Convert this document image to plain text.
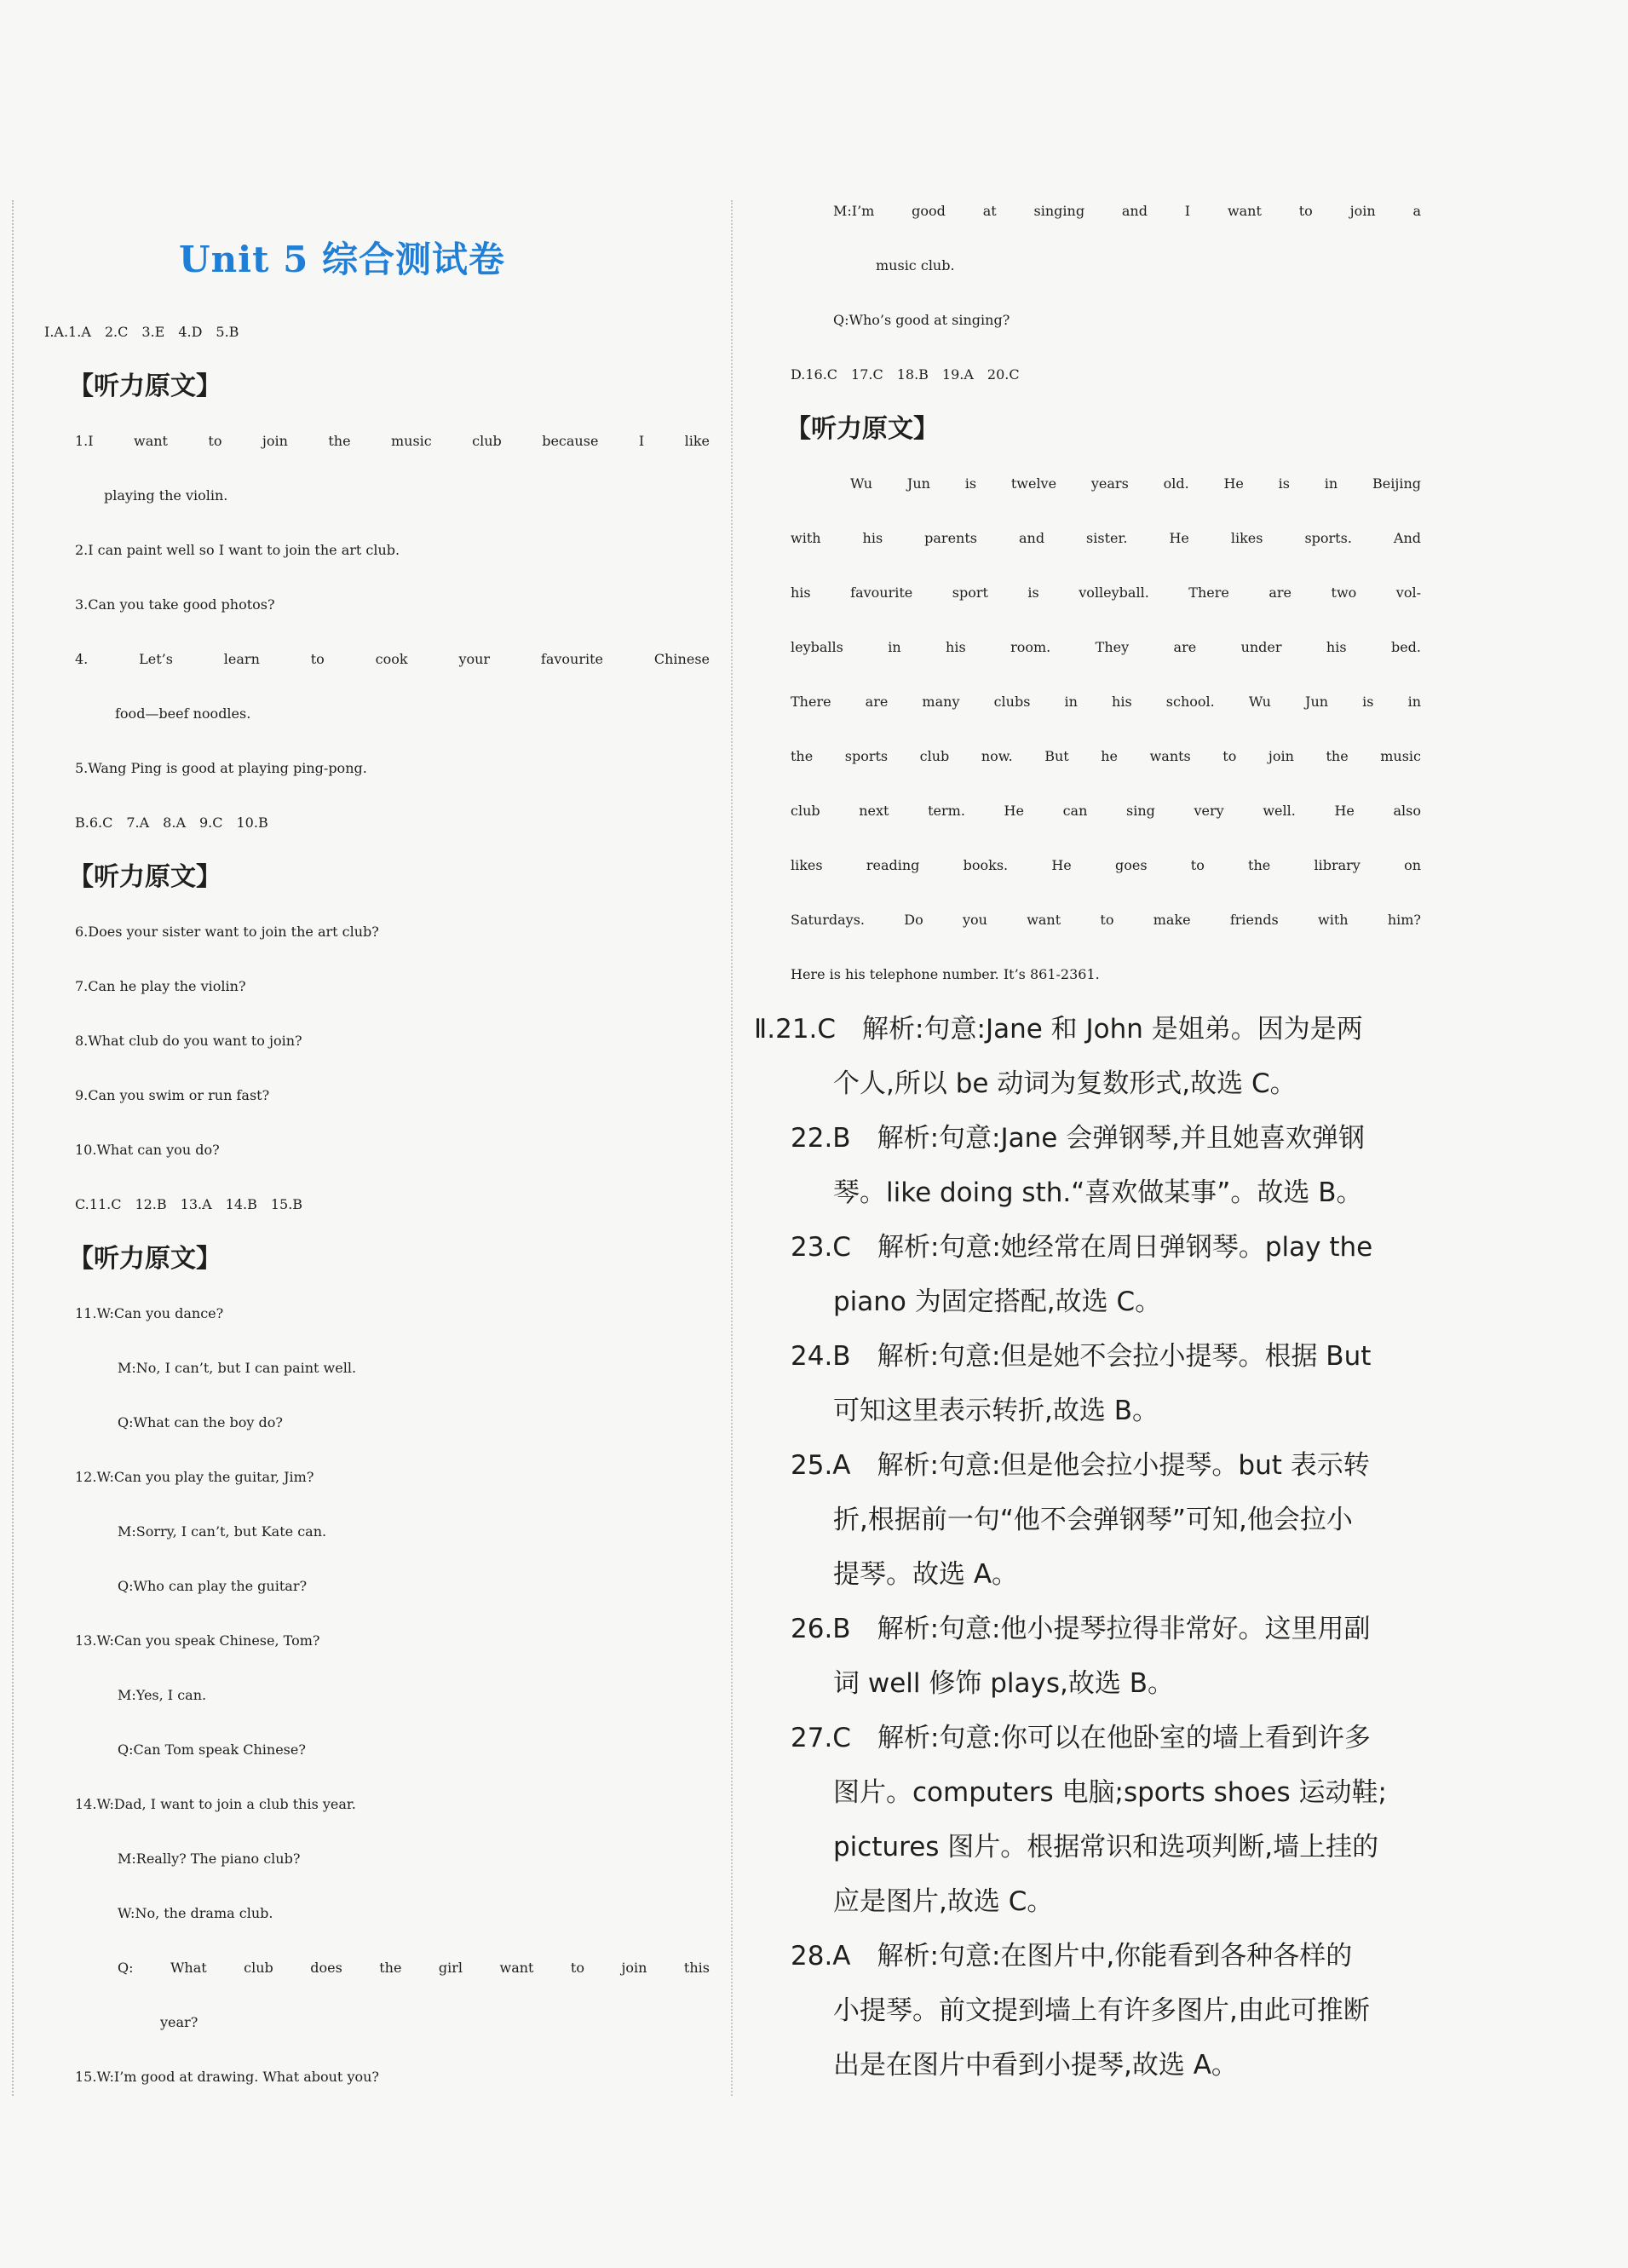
Unit 5 综合测试卷
Ⅰ.A.1.A　2.C　3.E　4.D　5.B
【听力原文】
1.I want to join the music club because I like
playing the violin.
2.I can paint well so I want to join the art club.
3.Can you take good photos?
4. Let’s learn to cook your favourite Chinese
food—beef noodles.
5.Wang Ping is good at playing ping-pong.
B.6.C　7.A　8.A　9.C　10.B
【听力原文】
6.Does your sister want to join the art club?
7.Can he play the violin?
8.What club do you want to join?
9.Can you swim or run fast?
10.What can you do?
C.11.C　12.B　13.A　14.B　15.B
【听力原文】
11.W:Can you dance?
M:No, I can’t, but I can paint well.
Q:What can the boy do?
12.W:Can you play the guitar, Jim?
M:Sorry, I can’t, but Kate can.
Q:Who can play the guitar?
13.W:Can you speak Chinese, Tom?
M:Yes, I can.
Q:Can Tom speak Chinese?
14.W:Dad, I want to join a club this year.
M:Really? The piano club?
W:No, the drama club.
Q: What club does the girl want to join this
year?
15.W:I’m good at drawing. What about you?
M:I’m good at singing and I want to join a
music club.
Q:Who’s good at singing?
D.16.C　17.C　18.B　19.A　20.C
【听力原文】
Wu Jun is twelve years old. He is in Beijing
with his parents and sister. He likes sports. And
his favourite sport is volleyball. There are two vol-
leyballs in his room. They are under his bed.
There are many clubs in his school. Wu Jun is in
the sports club now. But he wants to join the music
club next term. He can sing very well. He also
likes reading books. He goes to the library on
Saturdays. Do you want to make friends with him?
Here is his telephone number. It’s 861-2361.
Ⅱ.21.C　解析:句意:Jane 和 John 是姐弟。因为是两
个人,所以 be 动词为复数形式,故选 C。
22.B　解析:句意:Jane 会弹钢琴,并且她喜欢弹钢
琴。like doing sth.“喜欢做某事”。故选 B。
23.C　解析:句意:她经常在周日弹钢琴。play the
piano 为固定搭配,故选 C。
24.B　解析:句意:但是她不会拉小提琴。根据 But
可知这里表示转折,故选 B。
25.A　解析:句意:但是他会拉小提琴。but 表示转
折,根据前一句“他不会弹钢琴”可知,他会拉小
提琴。故选 A。
26.B　解析:句意:他小提琴拉得非常好。这里用副
词 well 修饰 plays,故选 B。
27.C　解析:句意:你可以在他卧室的墙上看到许多
图片。computers 电脑;sports shoes 运动鞋;
pictures 图片。根据常识和选项判断,墙上挂的
应是图片,故选 C。
28.A　解析:句意:在图片中,你能看到各种各样的
小提琴。前文提到墙上有许多图片,由此可推断
出是在图片中看到小提琴,故选 A。
